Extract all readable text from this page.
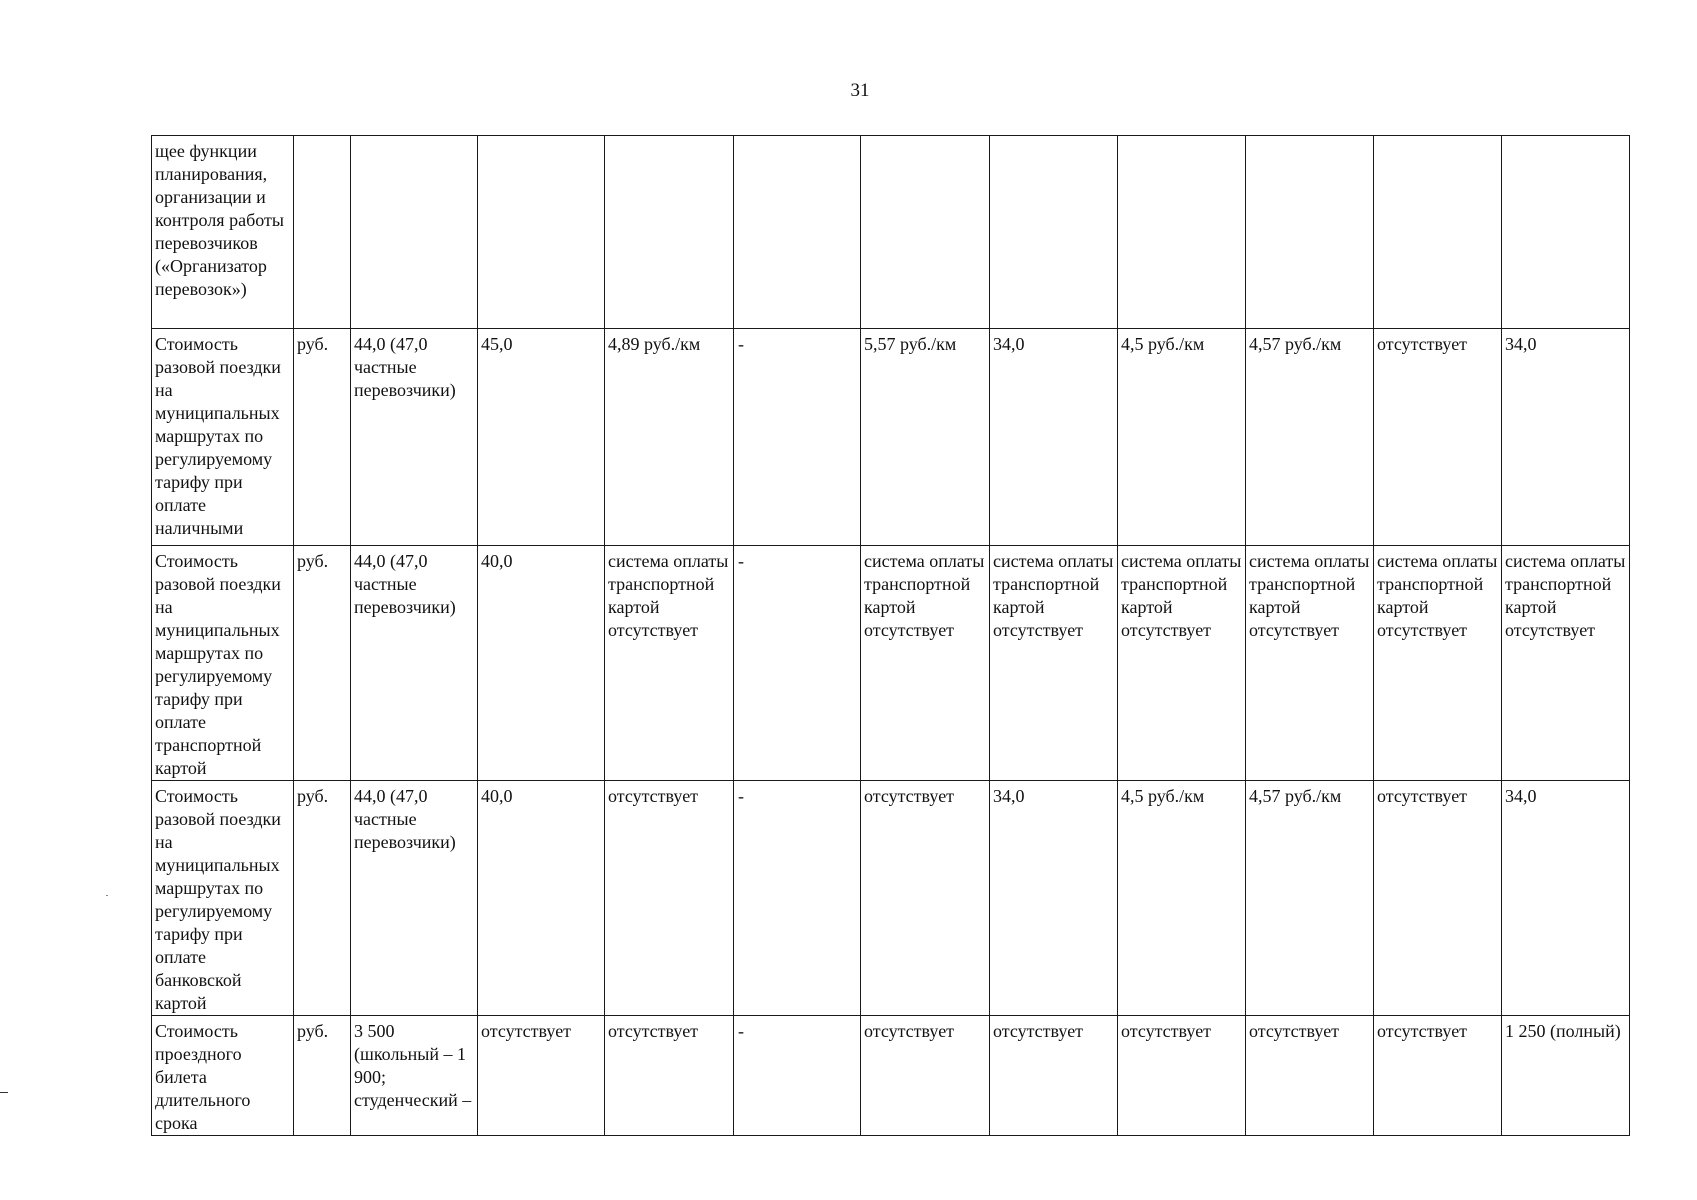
31
щее функции планирования, организации и контроля работы перевозчиков («Организатор перевозок»)											
Стоимость разовой поездки на муниципальных маршрутах по регулируемому тарифу при оплате наличными	руб.	44,0 (47,0 частные перевозчики)	45,0	4,89 руб./км	-	5,57 руб./км	34,0	4,5 руб./км	4,57 руб./км	отсутствует	34,0
Стоимость разовой поездки на муниципальных маршрутах по регулируемому тарифу при оплате транспортной картой	руб.	44,0 (47,0 частные перевозчики)	40,0	система оплаты транспортной картой отсутствует	-	система оплаты транспортной картой отсутствует	система оплаты транспортной картой отсутствует	система оплаты транспортной картой отсутствует	система оплаты транспортной картой отсутствует	система оплаты транспортной картой отсутствует	система оплаты транспортной картой отсутствует
Стоимость разовой поездки на муниципальных маршрутах по регулируемому тарифу при оплате банковской картой	руб.	44,0 (47,0 частные перевозчики)	40,0	отсутствует	-	отсутствует	34,0	4,5 руб./км	4,57 руб./км	отсутствует	34,0
Стоимость проездного билета длительного срока	руб.	3 500 (школьный – 1 900; студенческий –	отсутствует	отсутствует	-	отсутствует	отсутствует	отсутствует	отсутствует	отсутствует	1 250 (полный)
